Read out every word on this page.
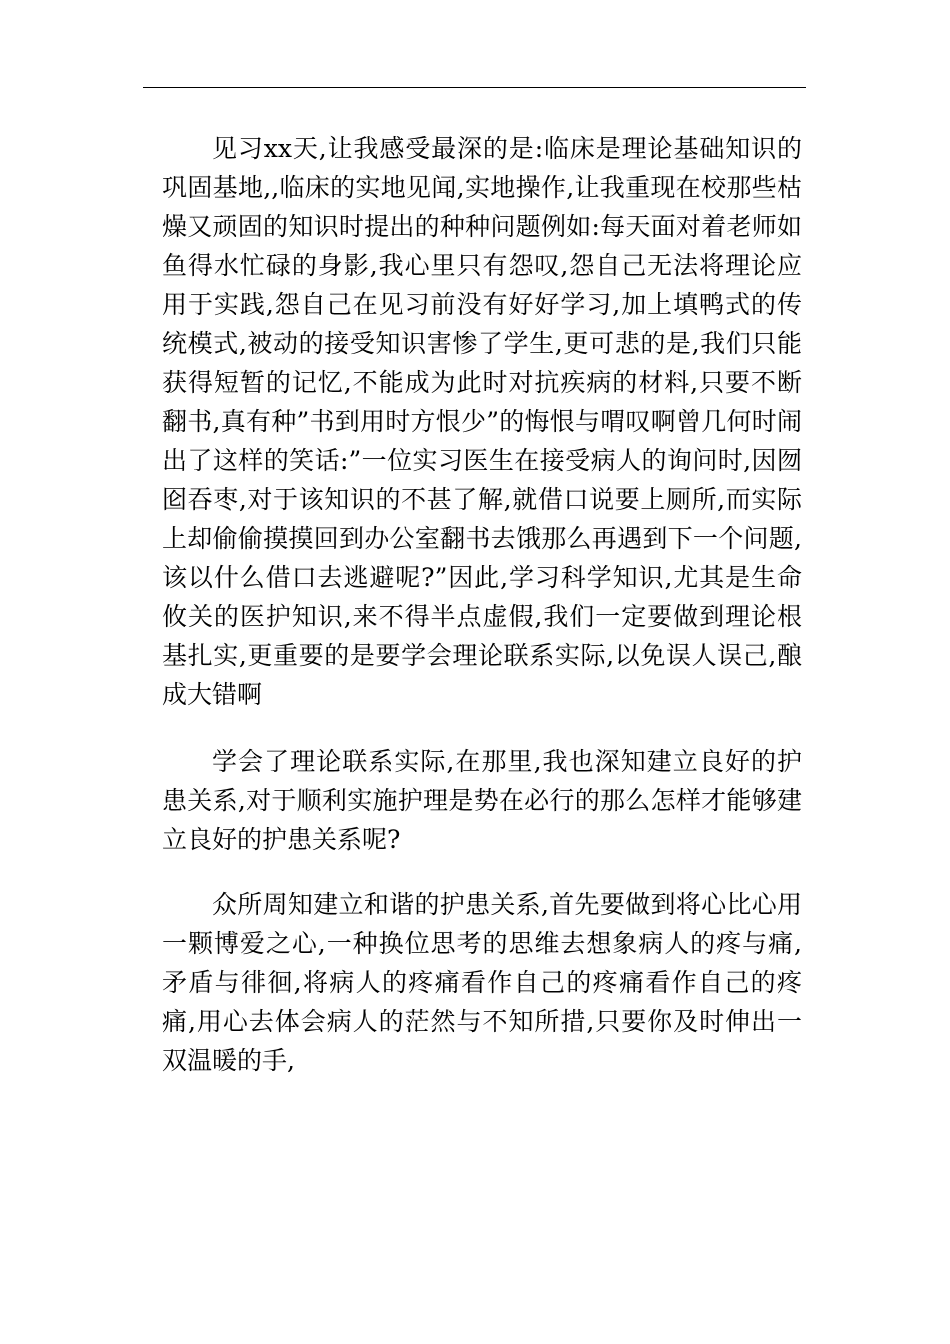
见习xx天,让我感受最深的是:临床是理论基础知识的巩固基地,,临床的实地见闻,实地操作,让我重现在校那些枯燥又顽固的知识时提出的种种问题例如:每天面对着老师如鱼得水忙碌的身影,我心里只有怨叹,怨自己无法将理论应用于实践,怨自己在见习前没有好好学习,加上填鸭式的传统模式,被动的接受知识害惨了学生,更可悲的是,我们只能获得短暂的记忆,不能成为此时对抗疾病的材料,只要不断翻书,真有种”书到用时方恨少”的悔恨与喟叹啊曾几何时闹出了这样的笑话:”一位实习医生在接受病人的询问时,因囫囵吞枣,对于该知识的不甚了解,就借口说要上厕所,而实际上却偷偷摸摸回到办公室翻书去饿那么再遇到下一个问题,该以什么借口去逃避呢?”因此,学习科学知识,尤其是生命攸关的医护知识,来不得半点虚假,我们一定要做到理论根基扎实,更重要的是要学会理论联系实际,以免误人误己,酿成大错啊

学会了理论联系实际,在那里,我也深知建立良好的护患关系,对于顺利实施护理是势在必行的那么怎样才能够建立良好的护患关系呢?

众所周知建立和谐的护患关系,首先要做到将心比心用一颗博爱之心,一种换位思考的思维去想象病人的疼与痛,矛盾与徘徊,将病人的疼痛看作自己的疼痛看作自己的疼痛,用心去体会病人的茫然与不知所措,只要你及时伸出一双温暖的手,
